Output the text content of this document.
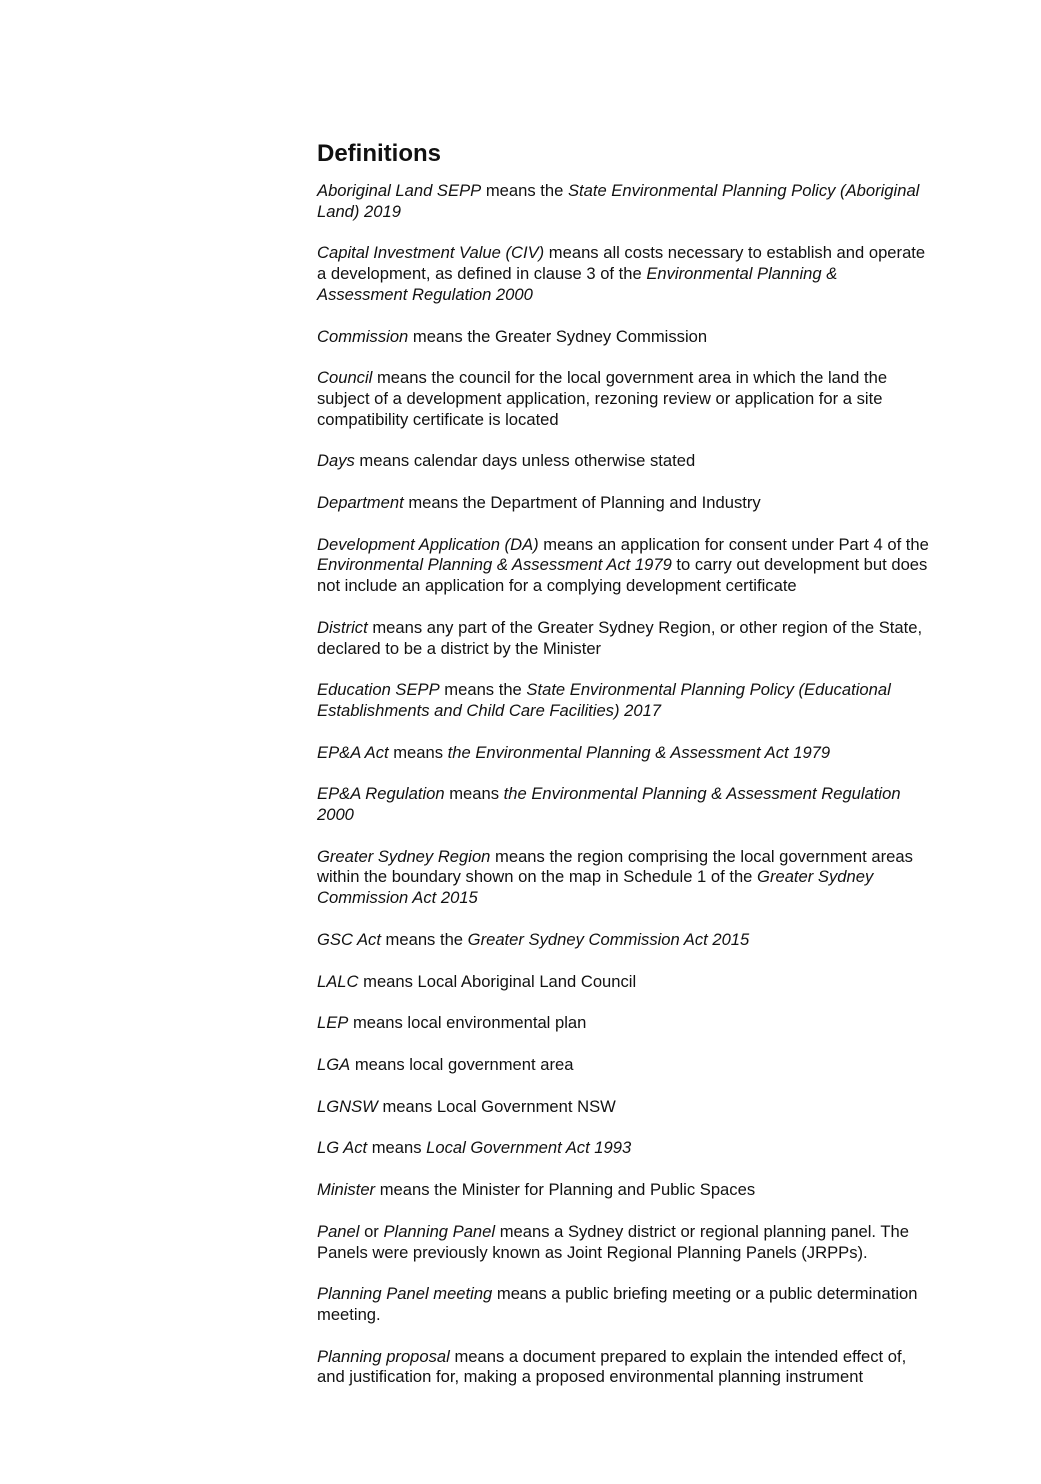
Definitions

Aboriginal Land SEPP means the State Environmental Planning Policy (Aboriginal Land) 2019

Capital Investment Value (CIV) means all costs necessary to establish and operate a development, as defined in clause 3 of the Environmental Planning & Assessment Regulation 2000

Commission means the Greater Sydney Commission

Council means the council for the local government area in which the land the subject of a development application, rezoning review or application for a site compatibility certificate is located

Days means calendar days unless otherwise stated

Department means the Department of Planning and Industry

Development Application (DA) means an application for consent under Part 4 of the Environmental Planning & Assessment Act 1979 to carry out development but does not include an application for a complying development certificate

District means any part of the Greater Sydney Region, or other region of the State, declared to be a district by the Minister

Education SEPP means the State Environmental Planning Policy (Educational Establishments and Child Care Facilities) 2017

EP&A Act means the Environmental Planning & Assessment Act 1979

EP&A Regulation means the Environmental Planning & Assessment Regulation 2000

Greater Sydney Region means the region comprising the local government areas within the boundary shown on the map in Schedule 1 of the Greater Sydney Commission Act 2015

GSC Act means the Greater Sydney Commission Act 2015

LALC means Local Aboriginal Land Council

LEP means local environmental plan

LGA means local government area

LGNSW means Local Government NSW

LG Act means Local Government Act 1993

Minister means the Minister for Planning and Public Spaces

Panel or Planning Panel means a Sydney district or regional planning panel. The Panels were previously known as Joint Regional Planning Panels (JRPPs).

Planning Panel meeting means a public briefing meeting or a public determination meeting.

Planning proposal means a document prepared to explain the intended effect of, and justification for, making a proposed environmental planning instrument
